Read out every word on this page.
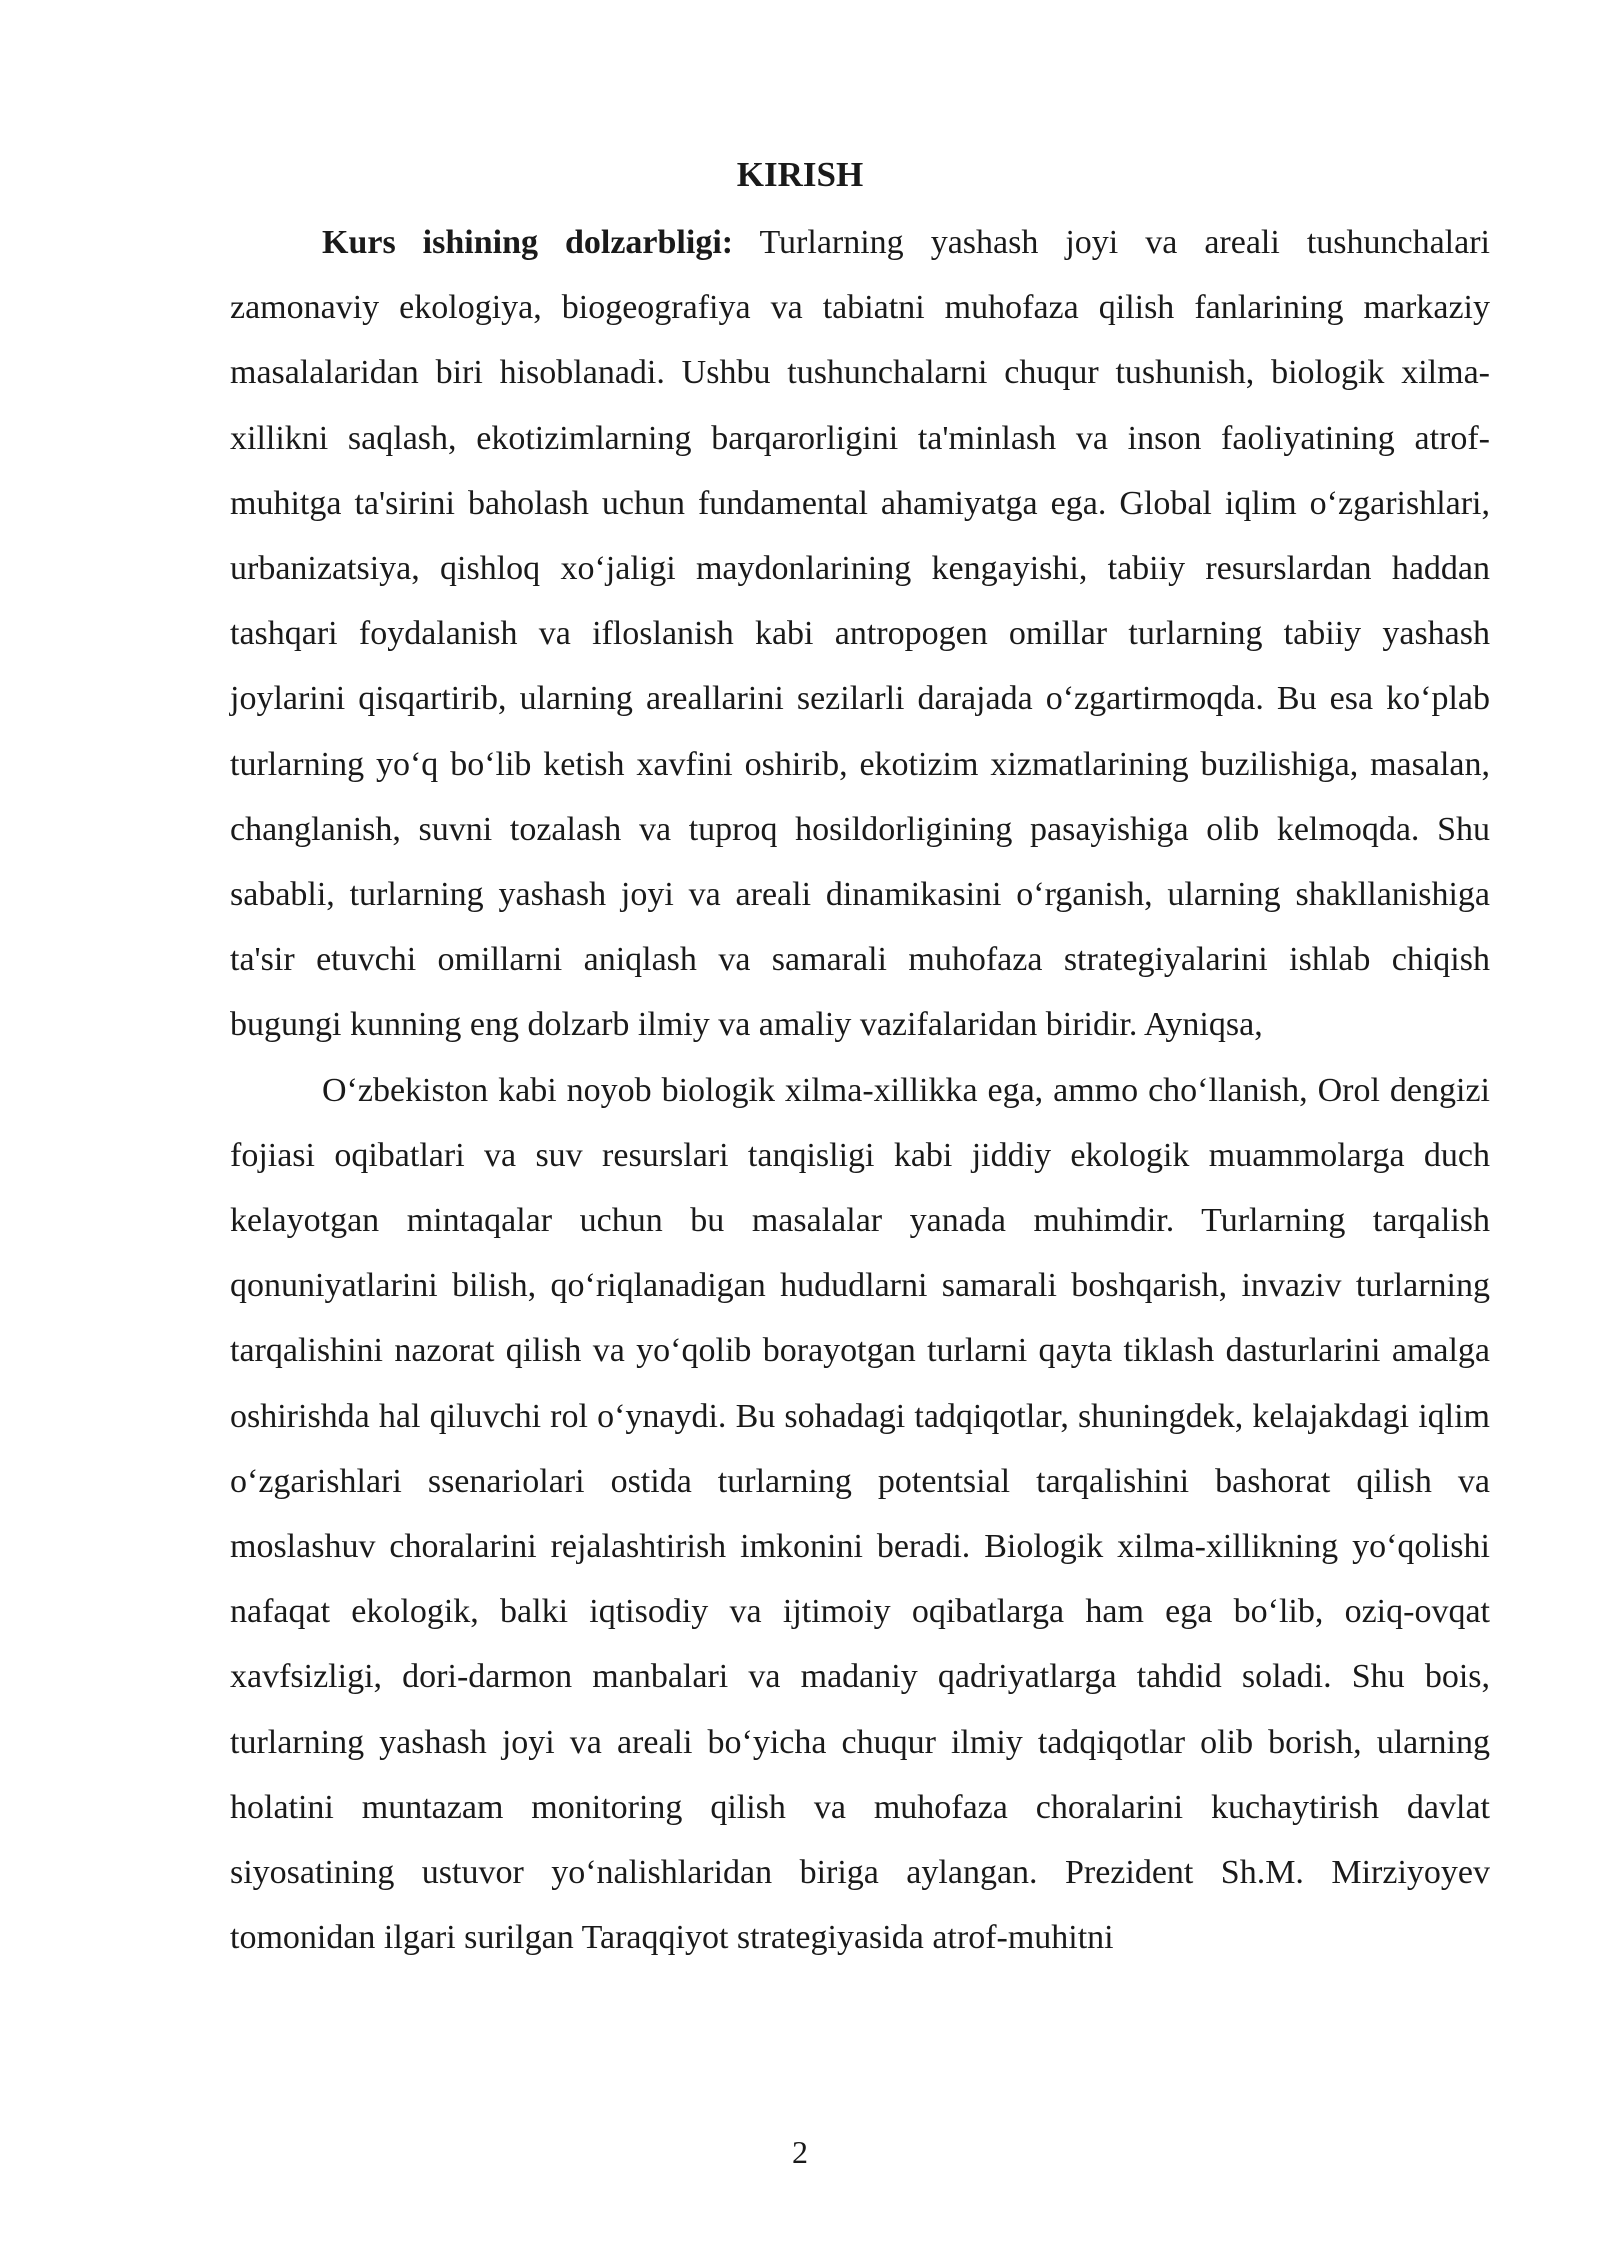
KIRISH

Kurs ishining dolzarbligi: Turlarning yashash joyi va areali tushunchalari zamonaviy ekologiya, biogeografiya va tabiatni muhofaza qilish fanlarining markaziy masalalaridan biri hisoblanadi. Ushbu tushunchalarni chuqur tushunish, biologik xilma-xillikni saqlash, ekotizimlarning barqarorligini ta'minlash va inson faoliyatining atrof-muhitga ta'sirini baholash uchun fundamental ahamiyatga ega. Global iqlim o‘zgarishlari, urbanizatsiya, qishloq xo‘jaligi maydonlarining kengayishi, tabiiy resurslardan haddan tashqari foydalanish va ifloslanish kabi antropogen omillar turlarning tabiiy yashash joylarini qisqartirib, ularning areallarini sezilarli darajada o‘zgartirmoqda. Bu esa ko‘plab turlarning yo‘q bo‘lib ketish xavfini oshirib, ekotizim xizmatlarining buzilishiga, masalan, changlanish, suvni tozalash va tuproq hosildorligining pasayishiga olib kelmoqda. Shu sababli, turlarning yashash joyi va areali dinamikasini o‘rganish, ularning shakllanishiga ta'sir etuvchi omillarni aniqlash va samarali muhofaza strategiyalarini ishlab chiqish bugungi kunning eng dolzarb ilmiy va amaliy vazifalaridan biridir. Ayniqsa,

O‘zbekiston kabi noyob biologik xilma-xillikka ega, ammo cho‘llanish, Orol dengizi fojiasi oqibatlari va suv resurslari tanqisligi kabi jiddiy ekologik muammolarga duch kelayotgan mintaqalar uchun bu masalalar yanada muhimdir. Turlarning tarqalish qonuniyatlarini bilish, qo‘riqlanadigan hududlarni samarali boshqarish, invaziv turlarning tarqalishini nazorat qilish va yo‘qolib borayotgan turlarni qayta tiklash dasturlarini amalga oshirishda hal qiluvchi rol o‘ynaydi. Bu sohadagi tadqiqotlar, shuningdek, kelajakdagi iqlim o‘zgarishlari ssenariolari ostida turlarning potentsial tarqalishini bashorat qilish va moslashuv choralarini rejalashtirish imkonini beradi. Biologik xilma-xillikning yo‘qolishi nafaqat ekologik, balki iqtisodiy va ijtimoiy oqibatlarga ham ega bo‘lib, oziq-ovqat xavfsizligi, dori-darmon manbalari va madaniy qadriyatlarga tahdid soladi. Shu bois, turlarning yashash joyi va areali bo‘yicha chuqur ilmiy tadqiqotlar olib borish, ularning holatini muntazam monitoring qilish va muhofaza choralarini kuchaytirish davlat siyosatining ustuvor yo‘nalishlaridan biriga aylangan. Prezident Sh.M. Mirziyoyev tomonidan ilgari surilgan Taraqqiyot strategiyasida atrof-muhitni

2
